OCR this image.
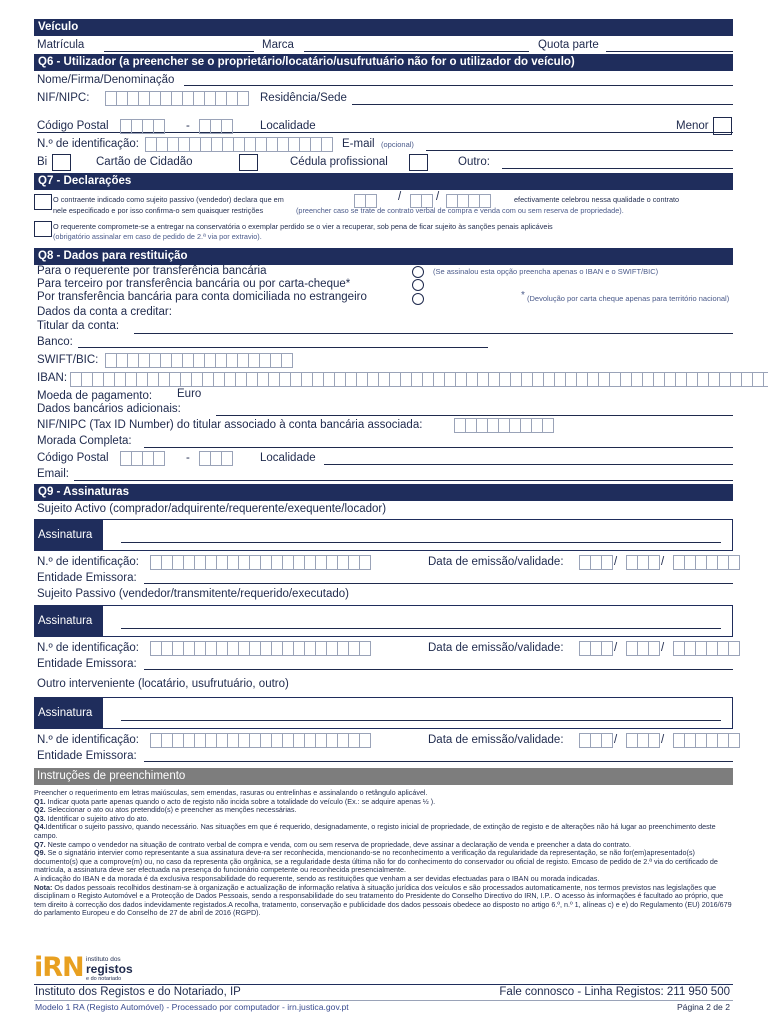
Veículo
Matrícula	Marca	Quota parte
Q6 - Utilizador (a preencher se o proprietário/locatário/usufrutuário não for o utilizador do veículo)
Nome/Firma/Denominação
NIF/NIPC:	Residência/Sede
Código Postal	-	Localidade	Menor
N.º de identificação:	E-mail (opcional)
Bi	Cartão de Cidadão	Cédula profissional	Outro:
Q7 - Declarações
O contraente indicado como sujeito passivo (vendedor) declara que em	/	/	efectivamente celebrou nessa qualidade o contrato
nele especificado e por isso confirma-o sem quaisquer restrições	(preencher caso se trate de contrato verbal de compra e venda com ou sem reserva de propriedade).
O requerente compromete-se a entregar na conservatória o exemplar perdido se o vier a recuperar, sob pena de ficar sujeito às sanções penais aplicáveis
(obrigatório assinalar em caso de pedido de 2.ª via por extravio).
Q8 - Dados para restituição
Para o requerente por transferência bancária	(Se assinalou esta opção preencha apenas o IBAN e o SWIFT/BIC)
Para terceiro por transferência bancária ou por carta-cheque*
Por transferência bancária para conta domiciliada no estrangeiro	* (Devolução por carta cheque apenas para território nacional)
Dados da conta a creditar:
Titular da conta:
Banco:
SWIFT/BIC:
IBAN:
Moeda de pagamento: Euro
Dados bancários adicionais:
NIF/NIPC (Tax ID Number) do titular associado à conta bancária associada:
Morada Completa:
Código Postal	-	Localidade
Email:
Q9 - Assinaturas
Sujeito Activo (comprador/adquirente/requerente/exequente/locador)
Assinatura
N.º de identificação:	Data de emissão/validade:	/	/
Entidade Emissora:
Sujeito Passivo (vendedor/transmitente/requerido/executado)
Assinatura
N.º de identificação:	Data de emissão/validade:	/	/
Entidade Emissora:
Outro interveniente (locatário, usufrutuário, outro)
Assinatura
N.º de identificação:	Data de emissão/validade:	/	/
Entidade Emissora:
Instruções de preenchimento
Preencher o requerimento em letras maiúsculas, sem emendas, rasuras ou entrelinhas e assinalando o retângulo aplicável.
Q1. Indicar quota parte apenas quando o acto de registo não incida sobre a totalidade do veículo (Ex.: se adquire apenas ½ ).
Q2. Seleccionar o ato ou atos pretendido(s) e preencher as menções necessárias.
Q3. Identificar o sujeito ativo do ato.
Q4.Identificar o sujeito passivo, quando necessário. Nas situações em que é requerido, designadamente, o registo inicial de propriedade, de extinção de registo e de alterações não há lugar ao preenchimento deste campo.
Q7. Neste campo o vendedor na situação de contrato verbal de compra e venda, com ou sem reserva de propriedade, deve assinar a declaração de venda e preencher a data do contrato.
Q9. Se o signatário intervier como representante a sua assinatura deve-ra ser reconhecida, mencionando-se no reconhecimento a verificação da regularidade da representação, se não for(em)apresentado(s) documento(s) que a comprove(m) ou, no caso da representa ção orgânica, se a regularidade desta última não for do conhecimento do conservador ou oficial de registo. Emcaso de pedido de 2.ª via do certificado de matrícula, a assinatura deve ser efectuada na presença do funcionário competente ou reconhecida presencialmente.
A indicação do IBAN e da morada é da exclusiva responsabilidade do requerente, sendo as restituições que venham a ser devidas efectuadas para o IBAN ou morada indicadas.
Nota: Os dados pessoais recolhidos destinam-se à organização e actualização de informação relativa à situação jurídica dos veículos e são processados automaticamente, nos termos previstos nas legislações que disciplinam o Registo Automóvel e a Protecção de Dados Pessoais, sendo a responsabilidade do seu tratamento do Presidente do Conselho Directivo do IRN, I.P.. O acesso às informações é facultado ao próprio, que tem direito à correcção dos dados indevidamente registados.A recolha, tratamento, conservação e publicidade dos dados pessoais obedece ao disposto no artigo 6.º, n.º 1, alíneas c) e e) do Regulamento (EU) 2016/679 do parlamento Europeu e do Conselho de 27 de abril de 2016 (RGPD).
iRN instituto dos
registos
e do notariado
Instituto dos Registos e do Notariado, IP	Fale connosco - Linha Registos: 211 950 500
Modelo 1 RA (Registo Automóvel) - Processado por computador - irn.justica.gov.pt	Página 2 de 2
